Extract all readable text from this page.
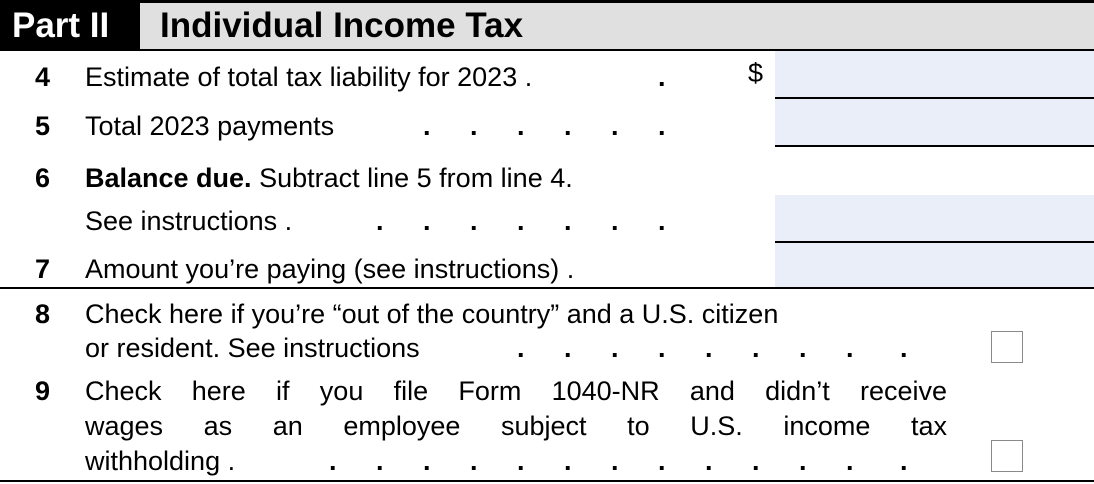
Part II	Individual Income Tax
4 Estimate of total tax liability for 2023 .	.	$
5 Total 2023 payments	. . . . . .
6 Balance due. Subtract line 5 from line 4.
See instructions .	. . . . . . .
7 Amount you’re paying (see instructions) .
8 Check here if you’re “out of the country” and a U.S. citizen
or resident. See instructions	. . . . . . . . .
9 Check here if you file Form 1040-NR and didn’t receive
wages as an employee subject to U.S. income tax
withholding .	. . . . . . . . . . . . .
